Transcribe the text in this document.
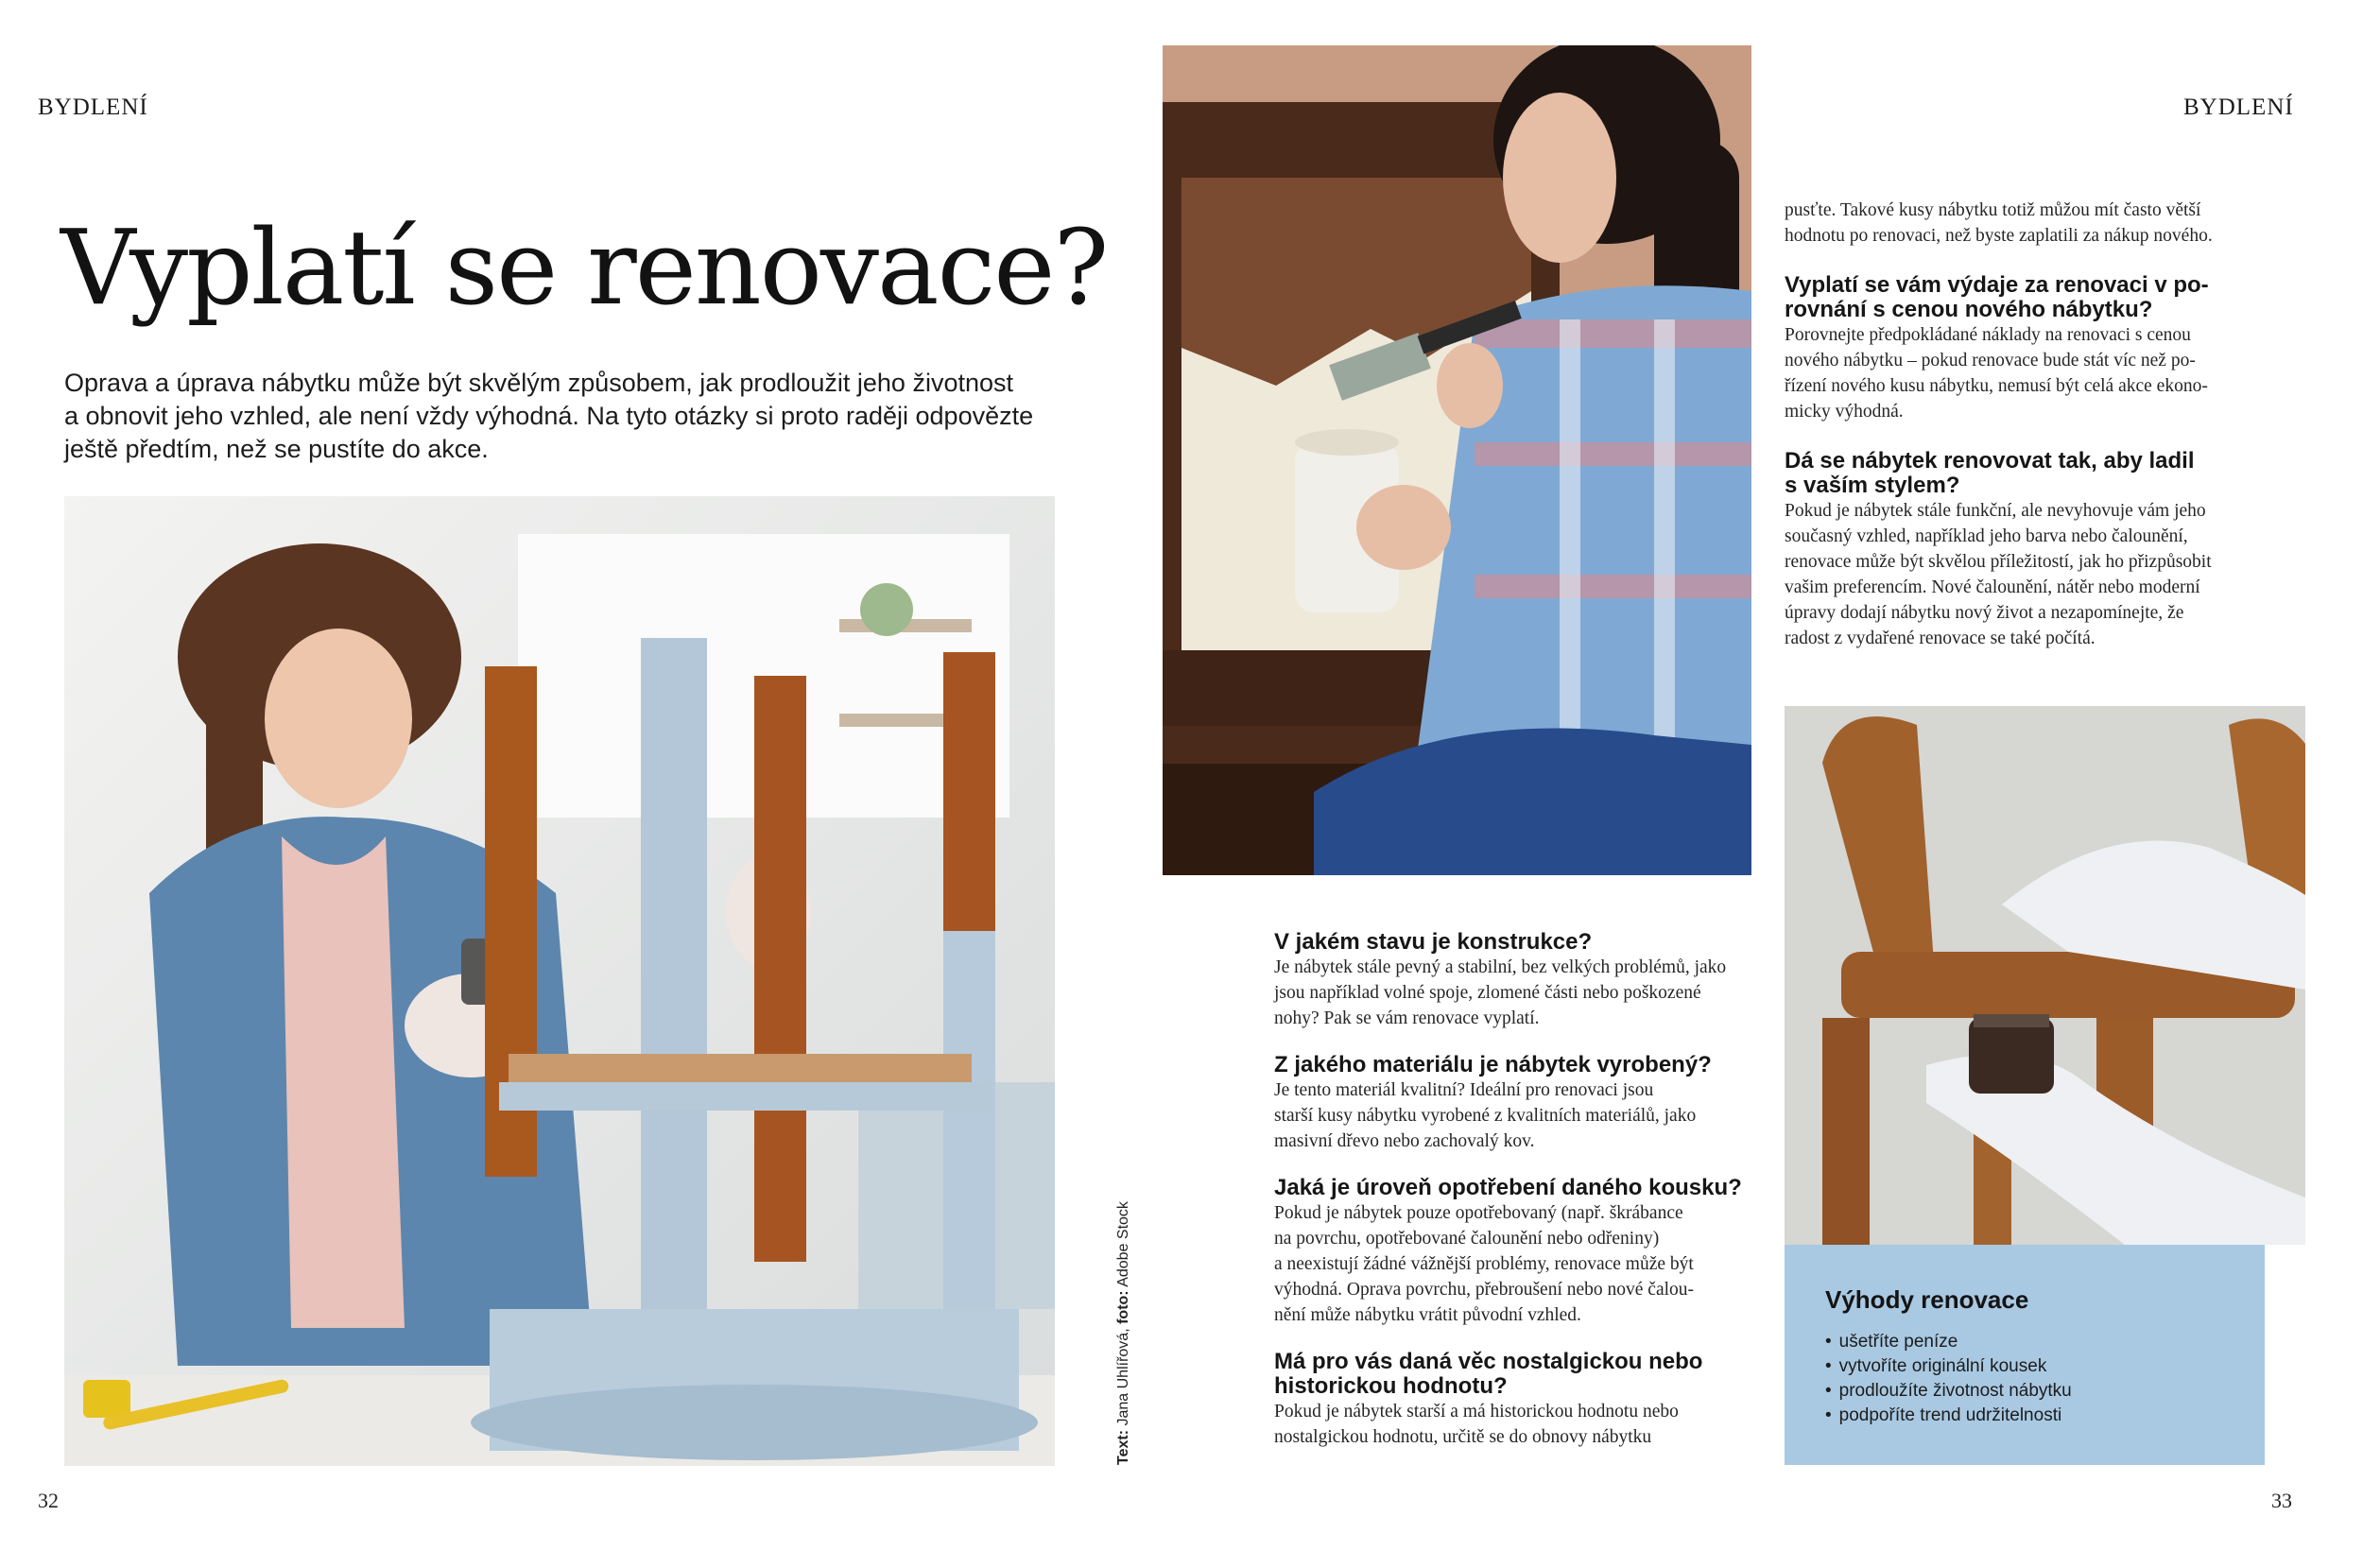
BYDLENÍ
Vyplatí se renovace?
Oprava a úprava nábytku může být skvělým způsobem, jak prodloužit jeho životnost
a obnovit jeho vzhled, ale není vždy výhodná. Na tyto otázky si proto raději odpovězte
ještě předtím, než se pustíte do akce.
Text: Jana Uhlířová, foto: Adobe Stock
32
V jakém stavu je konstrukce?
Je nábytek stále pevný a stabilní, bez velkých problémů, jako
jsou například volné spoje, zlomené části nebo poškozené
nohy? Pak se vám renovace vyplatí.
Z jakého materiálu je nábytek vyrobený?
Je tento materiál kvalitní? Ideální pro renovaci jsou
starší kusy nábytku vyrobené z kvalitních materiálů, jako
masivní dřevo nebo zachovalý kov.
Jaká je úroveň opotřebení daného kousku?
Pokud je nábytek pouze opotřebovaný (např. škrábance
na povrchu, opotřebované čalounění nebo odřeniny)
a neexistují žádné vážnější problémy, renovace může být
výhodná. Oprava povrchu, přebroušení nebo nové čalou-
nění může nábytku vrátit původní vzhled.
Má pro vás daná věc nostalgickou nebo
historickou hodnotu?
Pokud je nábytek starší a má historickou hodnotu nebo
nostalgickou hodnotu, určitě se do obnovy nábytku
BYDLENÍ
pusťte. Takové kusy nábytku totiž můžou mít často větší
hodnotu po renovaci, než byste zaplatili za nákup nového.
Vyplatí se vám výdaje za renovaci v po-
rovnání s cenou nového nábytku?
Porovnejte předpokládané náklady na renovaci s cenou
nového nábytku – pokud renovace bude stát víc než po-
řízení nového kusu nábytku, nemusí být celá akce ekono-
micky výhodná.
Dá se nábytek renovovat tak, aby ladil
s vaším stylem?
Pokud je nábytek stále funkční, ale nevyhovuje vám jeho
současný vzhled, například jeho barva nebo čalounění,
renovace může být skvělou příležitostí, jak ho přizpůsobit
vašim preferencím. Nové čalounění, nátěr nebo moderní
úpravy dodají nábytku nový život a nezapomínejte, že
radost z vydařené renovace se také počítá.
Výhody renovace
• ušetříte peníze
• vytvoříte originální kousek
• prodloužíte životnost nábytku
• podpoříte trend udržitelnosti
33
